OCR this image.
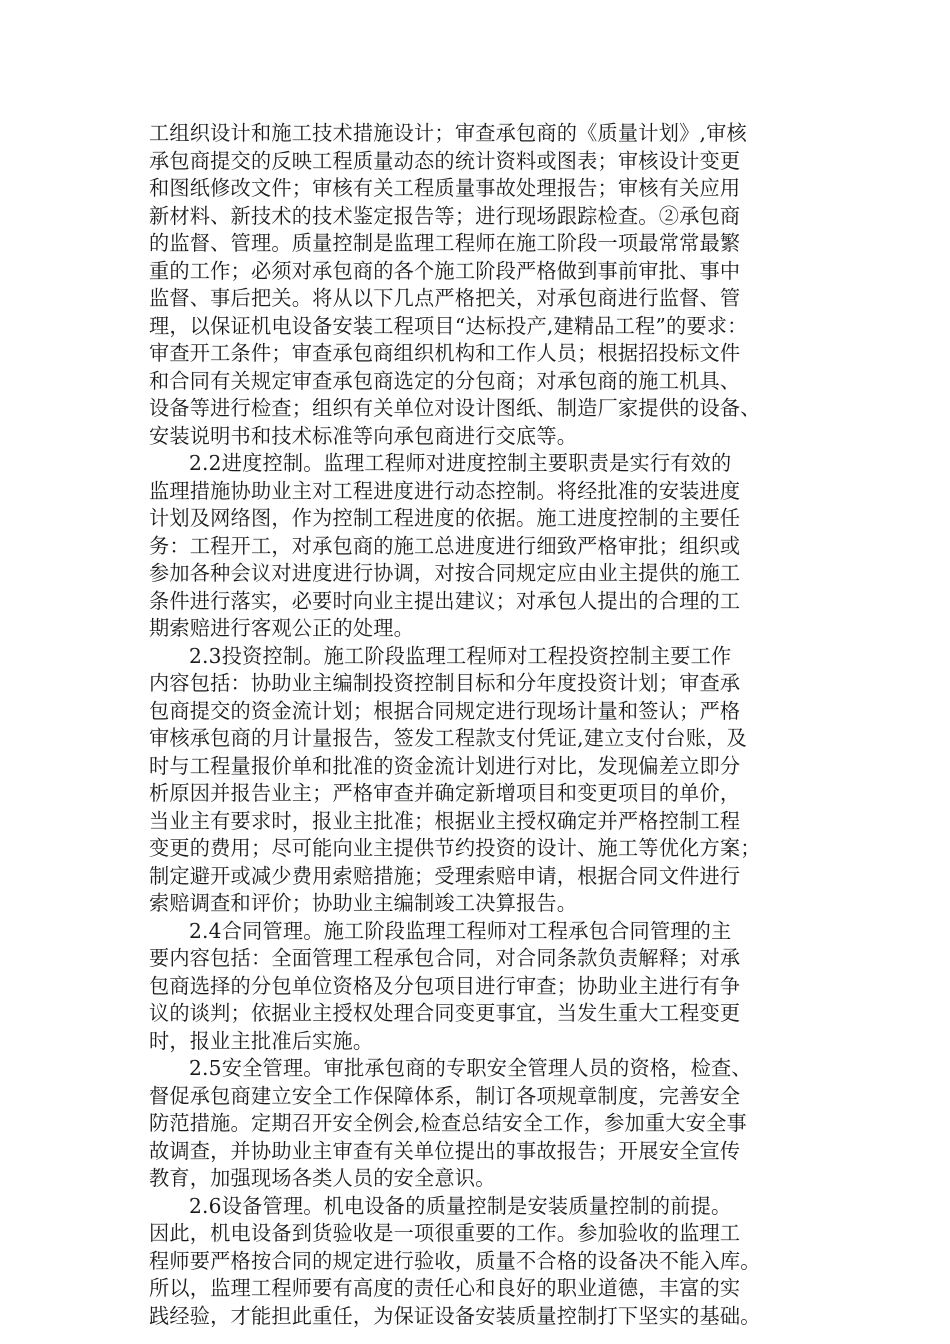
工组织设计和施工技术措施设计；审查承包商的《质量计划》,审核
承包商提交的反映工程质量动态的统计资料或图表；审核设计变更
和图纸修改文件；审核有关工程质量事故处理报告；审核有关应用
新材料、新技术的技术鉴定报告等；进行现场跟踪检查。②承包商
的监督、管理。质量控制是监理工程师在施工阶段一项最常常最繁
重的工作；必须对承包商的各个施工阶段严格做到事前审批、事中
监督、事后把关。将从以下几点严格把关，对承包商进行监督、管
理，以保证机电设备安装工程项目“达标投产,建精品工程”的要求：
审查开工条件；审查承包商组织机构和工作人员；根据招投标文件
和合同有关规定审查承包商选定的分包商；对承包商的施工机具、
设备等进行检查；组织有关单位对设计图纸、制造厂家提供的设备、
安装说明书和技术标准等向承包商进行交底等。
2.2进度控制。监理工程师对进度控制主要职责是实行有效的
监理措施协助业主对工程进度进行动态控制。将经批准的安装进度
计划及网络图，作为控制工程进度的依据。施工进度控制的主要任
务：工程开工，对承包商的施工总进度进行细致严格审批；组织或
参加各种会议对进度进行协调，对按合同规定应由业主提供的施工
条件进行落实，必要时向业主提出建议；对承包人提出的合理的工
期索赔进行客观公正的处理。
2.3投资控制。施工阶段监理工程师对工程投资控制主要工作
内容包括：协助业主编制投资控制目标和分年度投资计划；审查承
包商提交的资金流计划；根据合同规定进行现场计量和签认；严格
审核承包商的月计量报告，签发工程款支付凭证,建立支付台账，及
时与工程量报价单和批准的资金流计划进行对比，发现偏差立即分
析原因并报告业主；严格审查并确定新增项目和变更项目的单价，
当业主有要求时，报业主批准；根据业主授权确定并严格控制工程
变更的费用；尽可能向业主提供节约投资的设计、施工等优化方案；
制定避开或减少费用索赔措施；受理索赔申请，根据合同文件进行
索赔调查和评价；协助业主编制竣工决算报告。
2.4合同管理。施工阶段监理工程师对工程承包合同管理的主
要内容包括：全面管理工程承包合同，对合同条款负责解释；对承
包商选择的分包单位资格及分包项目进行审查；协助业主进行有争
议的谈判；依据业主授权处理合同变更事宜，当发生重大工程变更
时，报业主批准后实施。
2.5安全管理。审批承包商的专职安全管理人员的资格，检查、
督促承包商建立安全工作保障体系，制订各项规章制度，完善安全
防范措施。定期召开安全例会,检查总结安全工作，参加重大安全事
故调查，并协助业主审查有关单位提出的事故报告；开展安全宣传
教育，加强现场各类人员的安全意识。
2.6设备管理。机电设备的质量控制是安装质量控制的前提。
因此，机电设备到货验收是一项很重要的工作。参加验收的监理工
程师要严格按合同的规定进行验收，质量不合格的设备决不能入库。
所以，监理工程师要有高度的责任心和良好的职业道德，丰富的实
践经验，才能担此重任，为保证设备安装质量控制打下坚实的基础。
